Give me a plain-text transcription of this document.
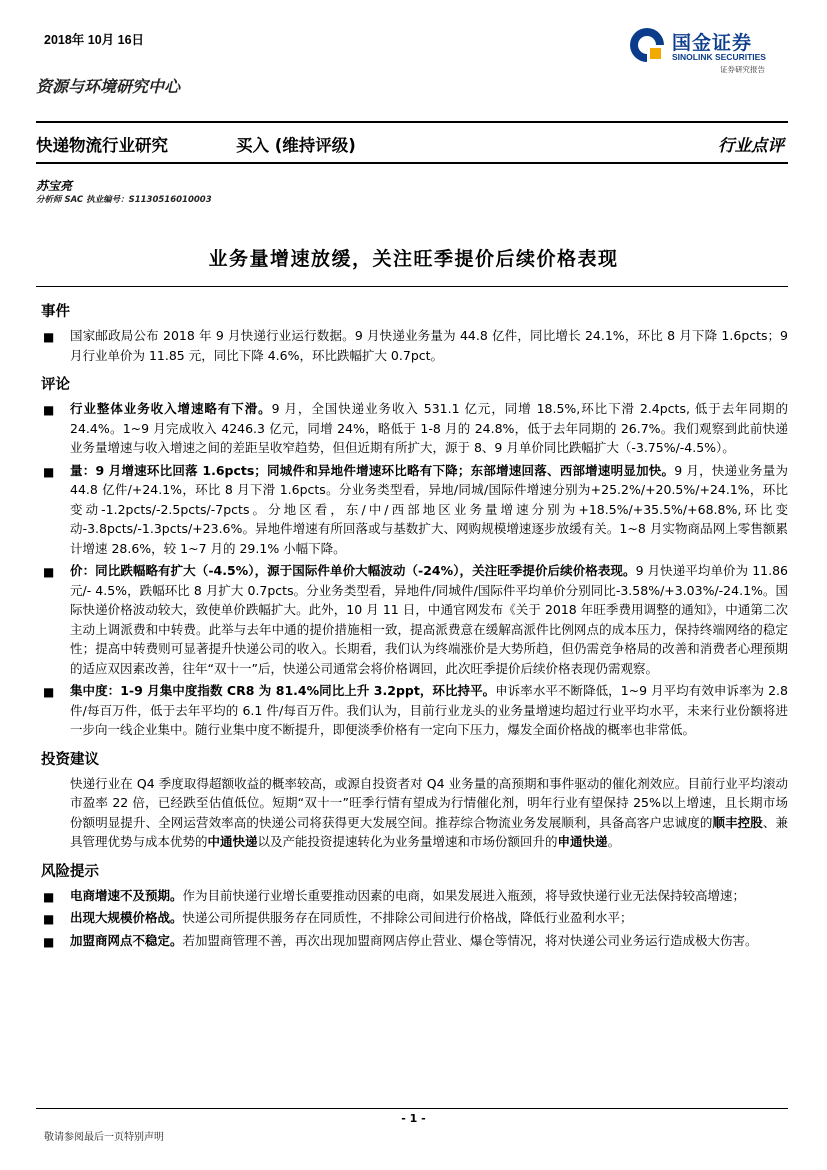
2018年 10月 16日	国金证券
SINOLINK SECURITIES
证券研究报告
资源与环境研究中心
快递物流行业研究	买入 (维持评级)	行业点评
苏宝亮
分析师 SAC 执业编号：S1130516010003
业务量增速放缓，关注旺季提价后续价格表现
事件
■ 国家邮政局公布 2018 年 9 月快递行业运行数据。9 月快递业务量为 44.8 亿件，同比增长 24.1%，环比 8 月下降 1.6pcts；9 月行业单价为 11.85 元，同比下降 4.6%，环比跌幅扩大 0.7pct。
评论
■ 行业整体业务收入增速略有下滑。9 月，全国快递业务收入 531.1 亿元，同增 18.5%,环比下滑 2.4pcts, 低于去年同期的 24.4%。1~9 月完成收入 4246.3 亿元，同增 24%，略低于 1-8 月的 24.8%，低于去年同期的 26.7%。我们观察到此前快递业务量增速与收入增速之间的差距呈收窄趋势，但但近期有所扩大，源于 8、9 月单价同比跌幅扩大（-3.75%/-4.5%）。
■ 量：9 月增速环比回落 1.6pcts；同城件和异地件增速环比略有下降；东部增速回落、西部增速明显加快。9 月，快递业务量为 44.8 亿件/+24.1%，环比 8 月下滑 1.6pcts。分业务类型看，异地/同城/国际件增速分别为+25.2%/+20.5%/+24.1%，环比变动-1.2pcts/-2.5pcts/-7pcts。分地区看，东/中/西部地区业务量增速分别为+18.5%/+35.5%/+68.8%,环比变动-3.8pcts/-1.3pcts/+23.6%。异地件增速有所回落或与基数扩大、网购规模增速逐步放缓有关。1~8 月实物商品网上零售额累计增速 28.6%，较 1~7 月的 29.1% 小幅下降。
■ 价：同比跌幅略有扩大（-4.5%），源于国际件单价大幅波动（-24%），关注旺季提价后续价格表现。9 月快递平均单价为 11.86 元/- 4.5%，跌幅环比 8 月扩大 0.7pcts。分业务类型看，异地件/同城件/国际件平均单价分别同比-3.58%/+3.03%/-24.1%。国际快递价格波动较大，致使单价跌幅扩大。此外，10 月 11 日，中通官网发布《关于 2018 年旺季费用调整的通知》，中通第二次主动上调派费和中转费。此举与去年中通的提价措施相一致，提高派费意在缓解高派件比例网点的成本压力，保持终端网络的稳定性；提高中转费则可显著提升快递公司的收入。长期看，我们认为终端涨价是大势所趋，但仍需竞争格局的改善和消费者心理预期的适应双因素改善，往年“双十一”后，快递公司通常会将价格调回，此次旺季提价后续价格表现仍需观察。
■ 集中度：1-9 月集中度指数 CR8 为 81.4%同比上升 3.2ppt，环比持平。申诉率水平不断降低，1~9 月平均有效申诉率为 2.8 件/每百万件，低于去年平均的 6.1 件/每百万件。我们认为，目前行业龙头的业务量增速均超过行业平均水平，未来行业份额将进一步向一线企业集中。随行业集中度不断提升，即便淡季价格有一定向下压力，爆发全面价格战的概率也非常低。
投资建议
快递行业在 Q4 季度取得超额收益的概率较高，或源自投资者对 Q4 业务量的高预期和事件驱动的催化剂效应。目前行业平均滚动市盈率 22 倍，已经跌至估值低位。短期“双十一”旺季行情有望成为行情催化剂，明年行业有望保持 25%以上增速，且长期市场份额明显提升、全网运营效率高的快递公司将获得更大发展空间。推荐综合物流业务发展顺利，具备高客户忠诚度的顺丰控股、兼具管理优势与成本优势的中通快递以及产能投资提速转化为业务量增速和市场份额回升的申通快递。
风险提示
■ 电商增速不及预期。作为目前快递行业增长重要推动因素的电商，如果发展进入瓶颈，将导致快递行业无法保持较高增速；
■ 出现大规模价格战。快递公司所提供服务存在同质性，不排除公司间进行价格战，降低行业盈利水平；
■ 加盟商网点不稳定。若加盟商管理不善，再次出现加盟商网店停止营业、爆仓等情况，将对快递公司业务运行造成极大伤害。
- 1 -
敬请参阅最后一页特别声明
